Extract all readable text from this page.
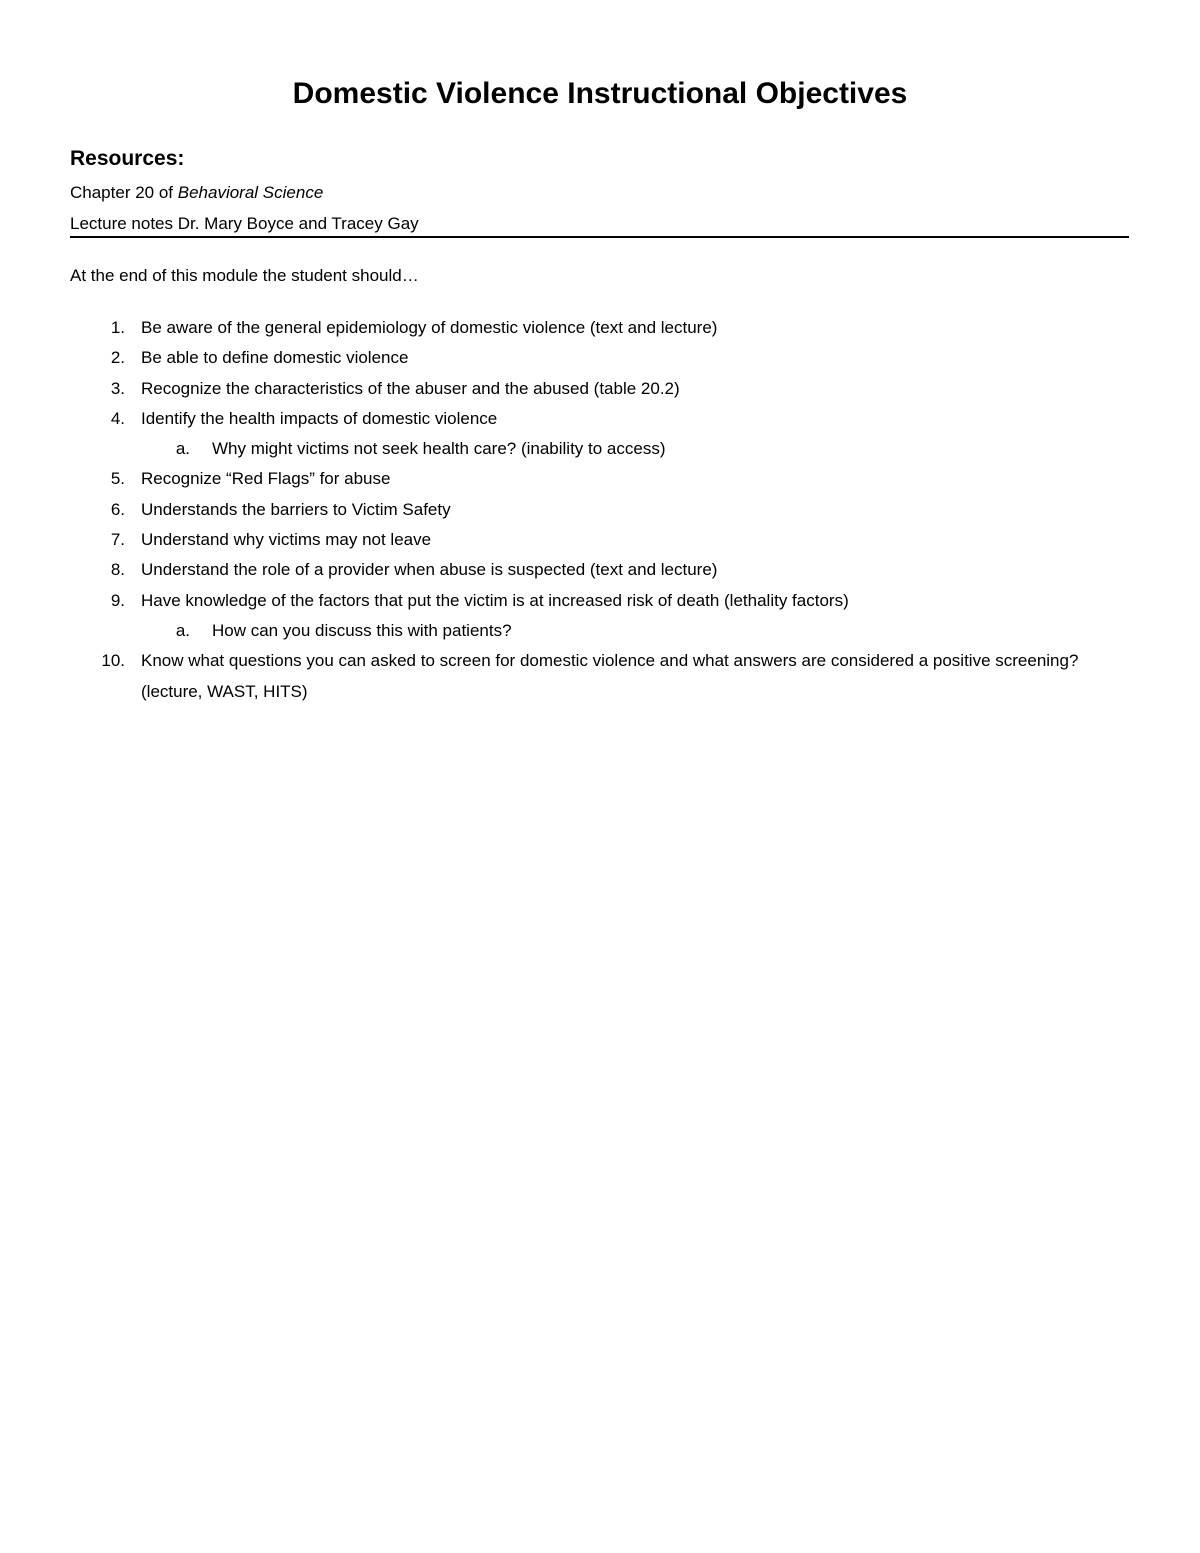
Domestic Violence Instructional Objectives
Resources:
Chapter 20 of Behavioral Science
Lecture notes Dr. Mary Boyce and Tracey Gay
At the end of this module the student should…
1. Be aware of the general epidemiology of domestic violence (text and lecture)
2. Be able to define domestic violence
3. Recognize the characteristics of the abuser and the abused (table 20.2)
4. Identify the health impacts of domestic violence
a. Why might victims not seek health care? (inability to access)
5. Recognize “Red Flags” for abuse
6. Understands the barriers to Victim Safety
7. Understand why victims may not leave
8. Understand the role of a provider when abuse is suspected (text and lecture)
9. Have knowledge of the factors that put the victim is at increased risk of death (lethality factors)
a. How can you discuss this with patients?
10. Know what questions you can asked to screen for domestic violence and what answers are considered a positive screening? (lecture, WAST, HITS)
